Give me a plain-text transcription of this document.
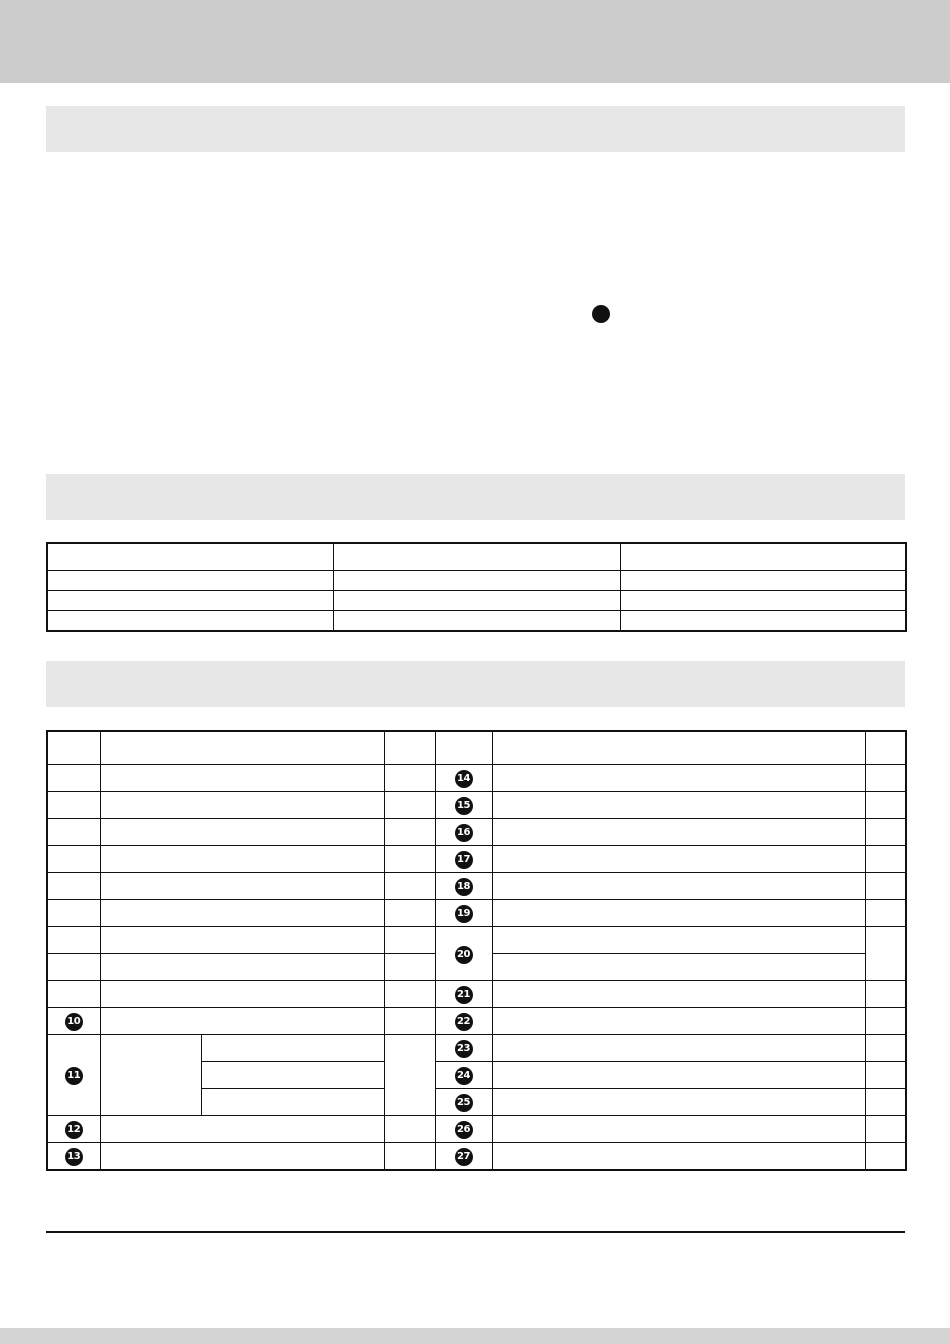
				14		
				15		
				16		
				17		
				18		
				19		
				20		

				21		
10				22		
11				23		
				24		
				25		
12				26		
13				27		
